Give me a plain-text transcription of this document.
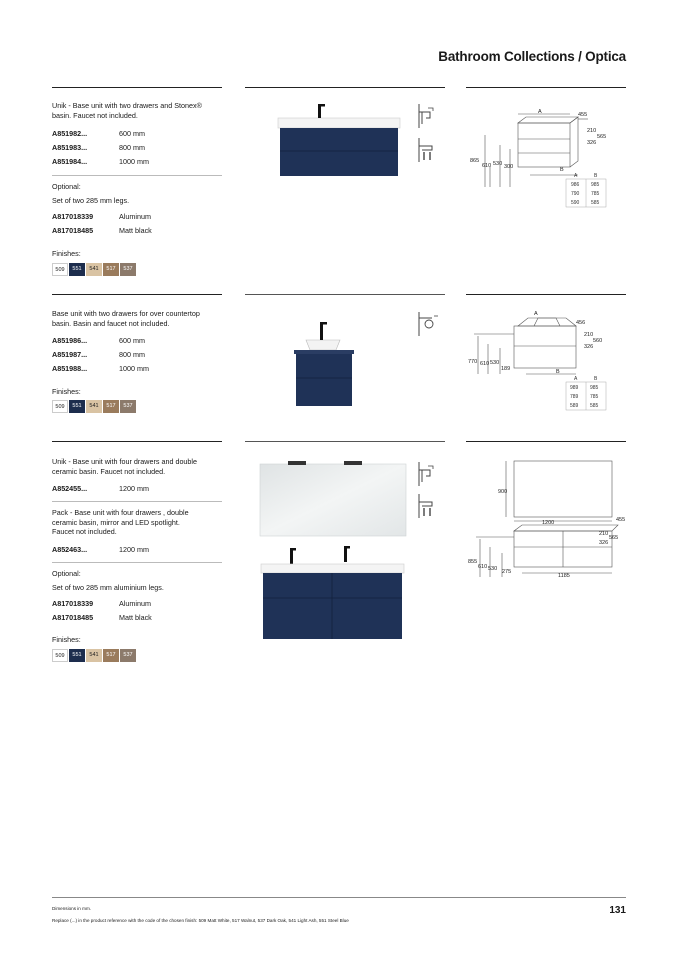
Bathroom Collections / Optica
Unik - Base unit with two drawers and Stonex®
basin. Faucet not included.
A851982...	600 mm
A851983...	800 mm
A851984...	1000 mm
Optional:
Set of two 285 mm legs.
A817018339	Aluminum
A817018485	Matt black
Finishes:
509	551	541	517	537
A	455
210
565
326
865
610 530 300	B
A	B
986 985
790 785
590 585
Base unit with two drawers for over countertop
basin. Basin and faucet not included.
A851986...	600 mm
A851987...	800 mm
A851988...	1000 mm
Finishes:
509	551	541	517	537
A
456
210
560
326
770 610 530
189	B
A	B
989 985
789 785
589 585
Unik - Base unit with four drawers and double
ceramic basin. Faucet not included.
A852455...	1200 mm
Pack - Base unit with four drawers , double
ceramic basin, mirror and LED spotlight.
Faucet not included.
A852463...	1200 mm
Optional:
Set of two 285 mm aluminium legs.
A817018339	Aluminum
A817018485	Matt black
Finishes:
509	551	541	517	537
900
1200	455
210
565
326
855
610 530 275
1185
Dimensions in mm.
Replace (...) in the product reference with the code of the chosen finish: 509 Matt White, 517 Walnut, 537 Dark Oak, 541 Light Ash, 551 Steel Blue
131
